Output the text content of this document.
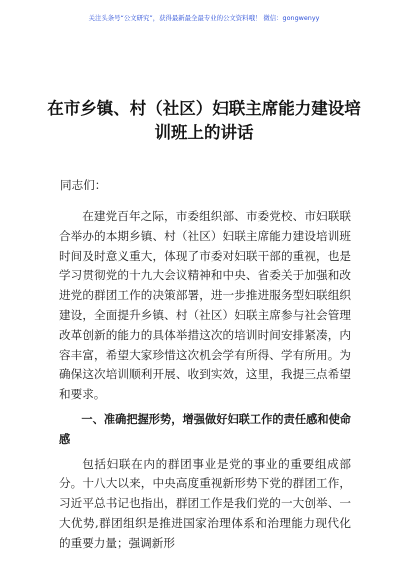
关注头条号“公文研究”，获得最新最全最专业的公文资料哦！ 微信：gongwenyy
在市乡镇、村（社区）妇联主席能力建设培训班上的讲话
同志们：

在建党百年之际，市委组织部、市委党校、市妇联联合举办的本期乡镇、村（社区）妇联主席能力建设培训班时间及时意义重大，体现了市委对妇联干部的重视，也是学习贯彻党的十九大会议精神和中央、省委关于加强和改进党的群团工作的决策部署，进一步推进服务型妇联组织建设，全面提升乡镇、村（社区）妇联主席参与社会管理改革创新的能力的具体举措这次的培训时间安排紧凑，内容丰富，希望大家珍惜这次机会学有所得、学有所用。为确保这次培训顺利开展、收到实效，这里，我提三点希望和要求。

一、准确把握形势，增强做好妇联工作的责任感和使命感

包括妇联在内的群团事业是党的事业的重要组成部分。十八大以来，中央高度重视新形势下党的群团工作，习近平总书记也指出，群团工作是我们党的一大创举、一大优势,群团组织是推进国家治理体系和治理能力现代化的重要力量；强调新形
